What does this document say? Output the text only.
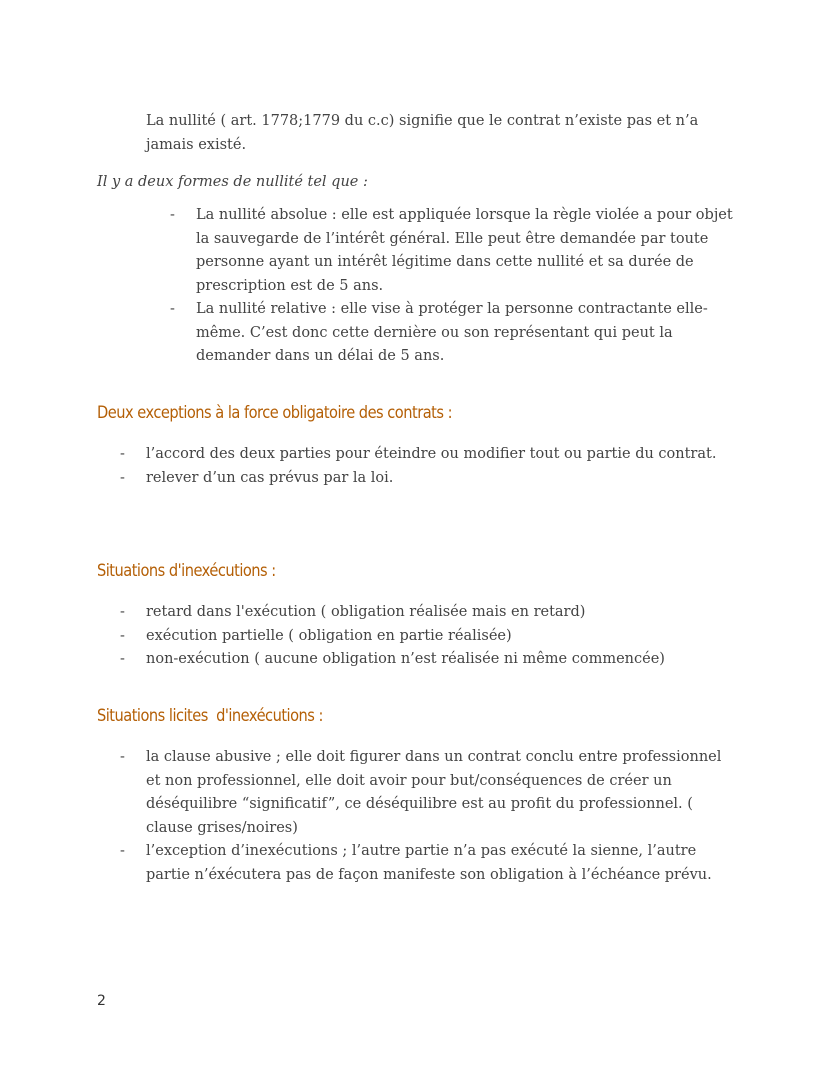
La nullité ( art. 1778;1779 du c.c) signifie que le contrat n’existe pas et n’a jamais existé.

Il y a deux formes de nullité tel que :

- La nullité absolue : elle est appliquée lorsque la règle violée a pour objet la sauvegarde de l’intérêt général. Elle peut être demandée par toute personne ayant un intérêt légitime dans cette nullité et sa durée de prescription est de 5 ans.
- La nullité relative : elle vise à protéger la personne contractante elle-même. C’est donc cette dernière ou son représentant qui peut la demander dans un délai de 5 ans.
Deux exceptions à la force obligatoire des contrats :
- l’accord des deux parties pour éteindre ou modifier tout ou partie du contrat.
- relever d’un cas prévus par la loi.
Situations d'inexécutions :
- retard dans l'exécution ( obligation réalisée mais en retard)
- exécution partielle ( obligation en partie réalisée)
- non-exécution ( aucune obligation n’est réalisée ni même commencée)
Situations licites  d'inexécutions :
- la clause abusive ; elle doit figurer dans un contrat conclu entre professionnel et non professionnel, elle doit avoir pour but/conséquences de créer un déséquilibre “significatif”, ce déséquilibre est au profit du professionnel. ( clause grises/noires)
- l’exception d’inexécutions ; l’autre partie n’a pas exécuté la sienne, l’autre partie n’éxécutera pas de façon manifeste son obligation à l’échéance prévu.
2
